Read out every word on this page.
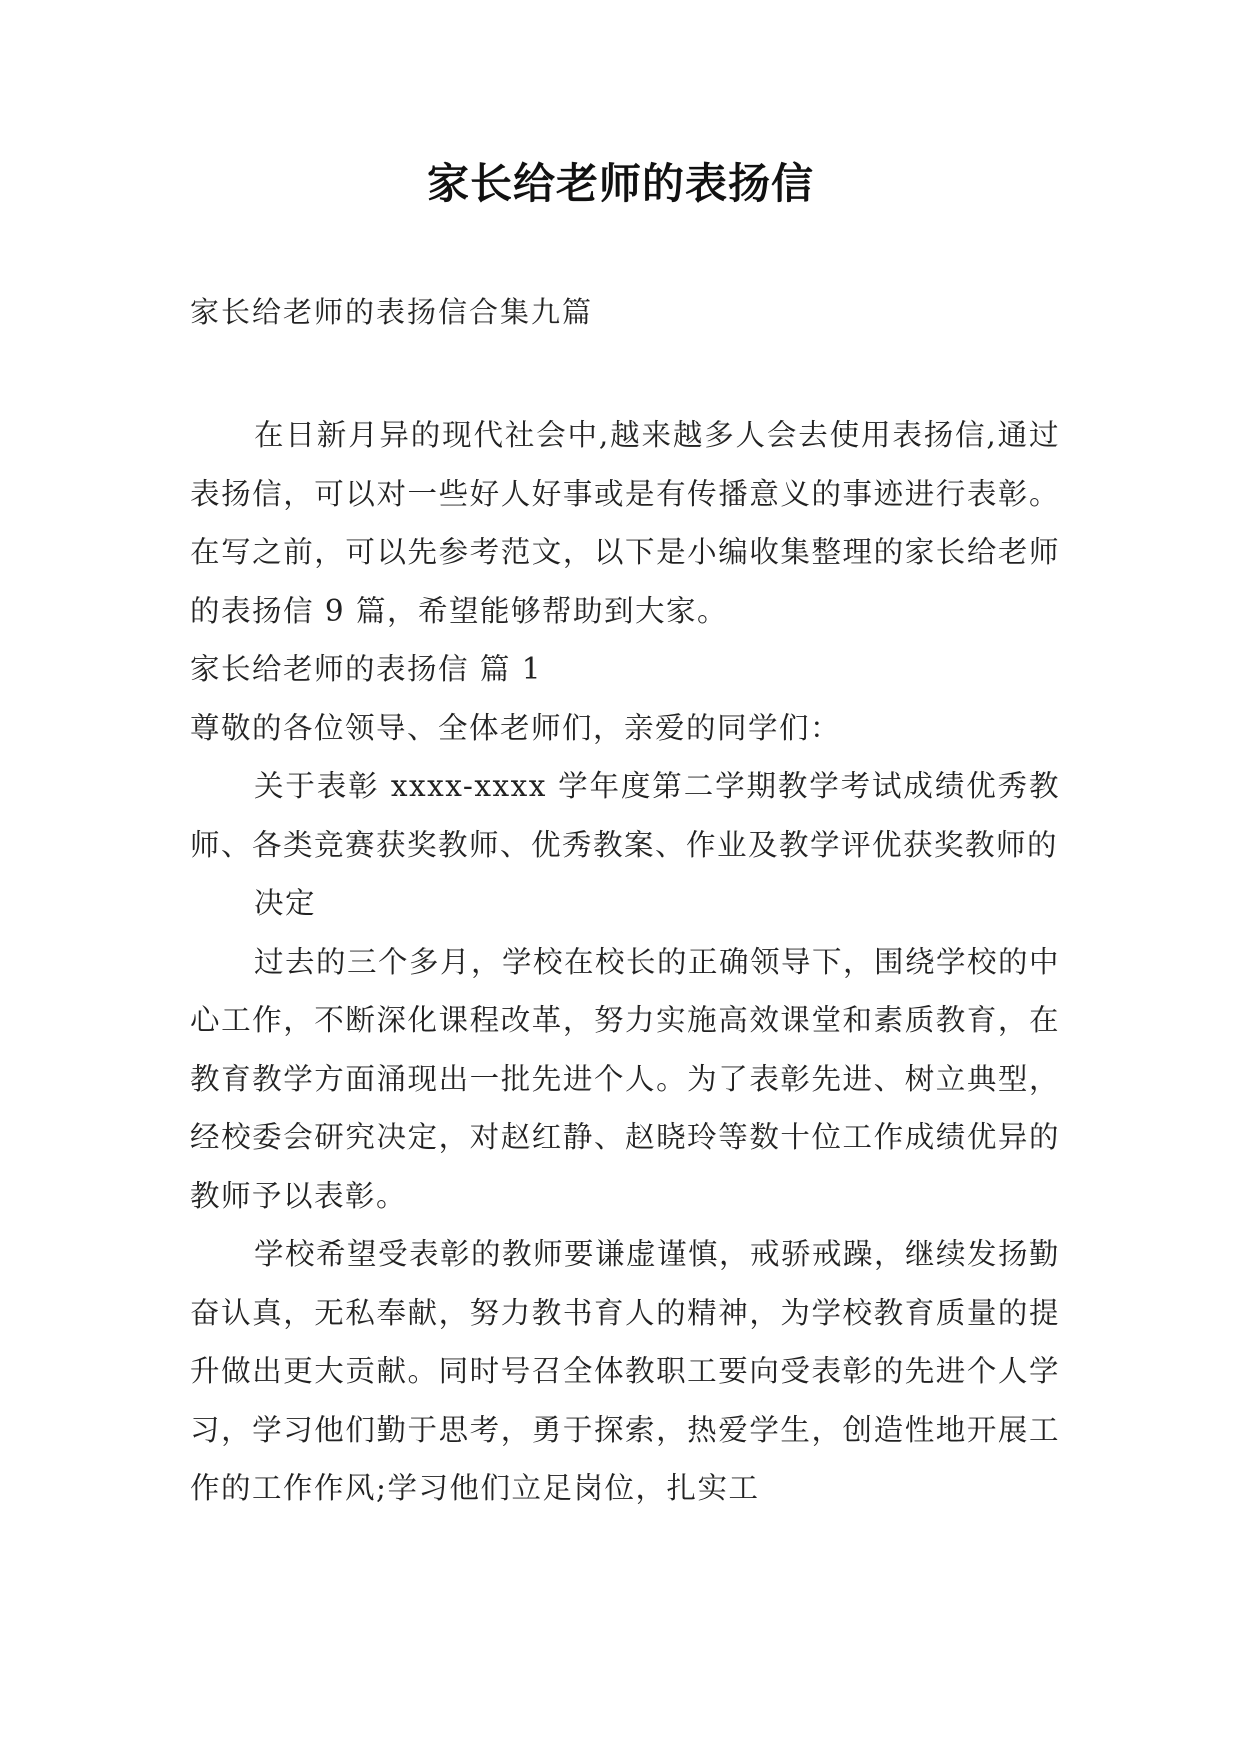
家长给老师的表扬信
家长给老师的表扬信合集九篇

在日新月异的现代社会中,越来越多人会去使用表扬信,通过表扬信，可以对一些好人好事或是有传播意义的事迹进行表彰。在写之前，可以先参考范文，以下是小编收集整理的家长给老师的表扬信 9 篇，希望能够帮助到大家。

家长给老师的表扬信 篇 1

尊敬的各位领导、全体老师们，亲爱的同学们：

关于表彰 xxxx-xxxx 学年度第二学期教学考试成绩优秀教师、各类竞赛获奖教师、优秀教案、作业及教学评优获奖教师的

决定

过去的三个多月，学校在校长的正确领导下，围绕学校的中心工作，不断深化课程改革，努力实施高效课堂和素质教育，在教育教学方面涌现出一批先进个人。为了表彰先进、树立典型，经校委会研究决定，对赵红静、赵晓玲等数十位工作成绩优异的教师予以表彰。

学校希望受表彰的教师要谦虚谨慎，戒骄戒躁，继续发扬勤奋认真，无私奉献，努力教书育人的精神，为学校教育质量的提升做出更大贡献。同时号召全体教职工要向受表彰的先进个人学习，学习他们勤于思考，勇于探索，热爱学生，创造性地开展工作的工作作风;学习他们立足岗位，扎实工
